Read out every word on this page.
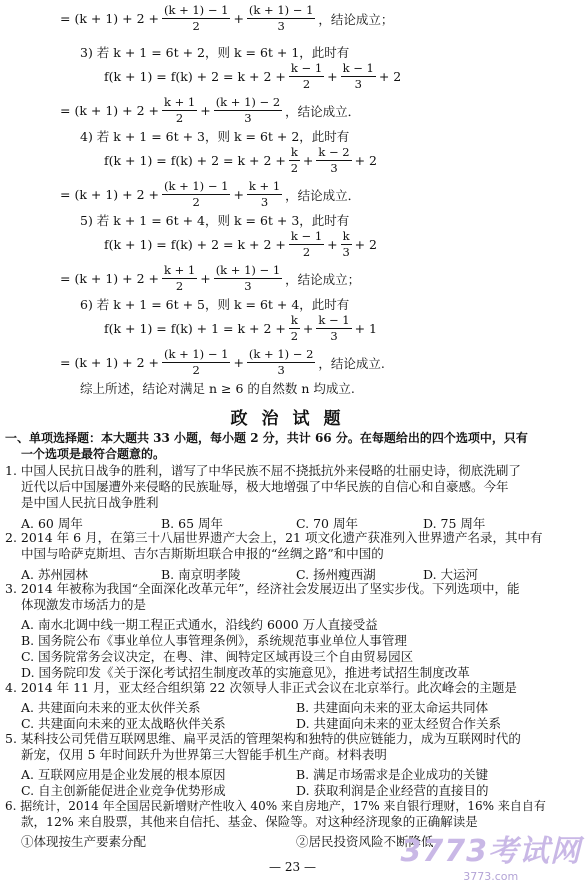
= $(k + 1) + 2 + \frac{(k + 1) - 1}{2} + \frac{(k + 1) - 1}{3}$ ，结论成立；
3) 若 k + 1 = 6t + 2，则 k = 6t + 1，此时有
$f(k + 1) = f(k) + 2 = k + 2 + \frac{k - 1}{2} + \frac{k - 1}{3} + 2$
= $(k + 1) + 2 + \frac{k + 1}{2} + \frac{(k + 1) - 2}{3}$ ，结论成立．
4) 若 k + 1 = 6t + 3，则 k = 6t + 2，此时有
$f(k + 1) = f(k) + 2 = k + 2 + \frac{k}{2} + \frac{k - 2}{3} + 2$
= $(k + 1) + 2 + \frac{(k + 1) - 1}{2} + \frac{k + 1}{3}$ ，结论成立．
5) 若 k + 1 = 6t + 4，则 k = 6t + 3，此时有
$f(k + 1) = f(k) + 2 = k + 2 + \frac{k - 1}{2} + \frac{k}{3} + 2$
= $(k + 1) + 2 + \frac{k + 1}{2} + \frac{(k + 1) - 1}{3}$ ，结论成立；
6) 若 k + 1 = 6t + 5，则 k = 6t + 4，此时有
$f(k + 1) = f(k) + 1 = k + 2 + \frac{k}{2} + \frac{k - 1}{3} + 1$
= $(k + 1) + 2 + \frac{(k + 1) - 1}{2} + \frac{(k + 1) - 2}{3}$ ，结论成立.
综上所述，结论对满足 n ≥ 6 的自然数 n 均成立.
政治试题
一、单项选择题：本大题共 33 小题，每小题 2 分，共计 66 分。在每题给出的四个选项中，只有
一个选项是最符合题意的。
1. 中国人民抗日战争的胜利，谱写了中华民族不屈不挠抵抗外来侵略的壮丽史诗，彻底洗刷了
近代以后中国屡遭外来侵略的民族耻辱，极大地增强了中华民族的自信心和自豪感。今年
是中国人民抗日战争胜利
A. 60 周年	B. 65 周年	C. 70 周年	D. 75 周年
2. 2014 年 6 月，在第三十八届世界遗产大会上，21 项文化遗产获准列入世界遗产名录，其中有
中国与哈萨克斯坦、吉尔吉斯斯坦联合申报的“丝绸之路”和中国的
A. 苏州园林	B. 南京明孝陵	C. 扬州瘦西湖	D. 大运河
3. 2014 年被称为我国“全面深化改革元年”，经济社会发展迈出了坚实步伐。下列选项中，能
体现激发市场活力的是
A. 南水北调中线一期工程正式通水，沿线约 6000 万人直接受益
B. 国务院公布《事业单位人事管理条例》，系统规范事业单位人事管理
C. 国务院常务会议决定，在粤、津、闽特定区域再设三个自由贸易园区
D. 国务院印发《关于深化考试招生制度改革的实施意见》，推进考试招生制度改革
4. 2014 年 11 月，亚太经合组织第 22 次领导人非正式会议在北京举行。此次峰会的主题是
A. 共建面向未来的亚太伙伴关系	B. 共建面向未来的亚太命运共同体
C. 共建面向未来的亚太战略伙伴关系	D. 共建面向未来的亚太经贸合作关系
5. 某科技公司凭借互联网思维、扁平灵活的管理架构和独特的供应链能力，成为互联网时代的
新宠，仅用 5 年时间跃升为世界第三大智能手机生产商。材料表明
A. 互联网应用是企业发展的根本原因	B. 满足市场需求是企业成功的关键
C. 自主创新能促进企业竞争优势形成	D. 获取利润是企业经营的直接目的
6. 据统计，2014 年全国居民新增财产性收入 40% 来自房地产，17% 来自银行理财，16% 来自自有
款，12% 来自股票，其他来自信托、基金、保险等。对这种经济现象的正确解读是
①体现按生产要素分配	②居民投资风险不断降低
— 23 —	3773考试网
3773.com
